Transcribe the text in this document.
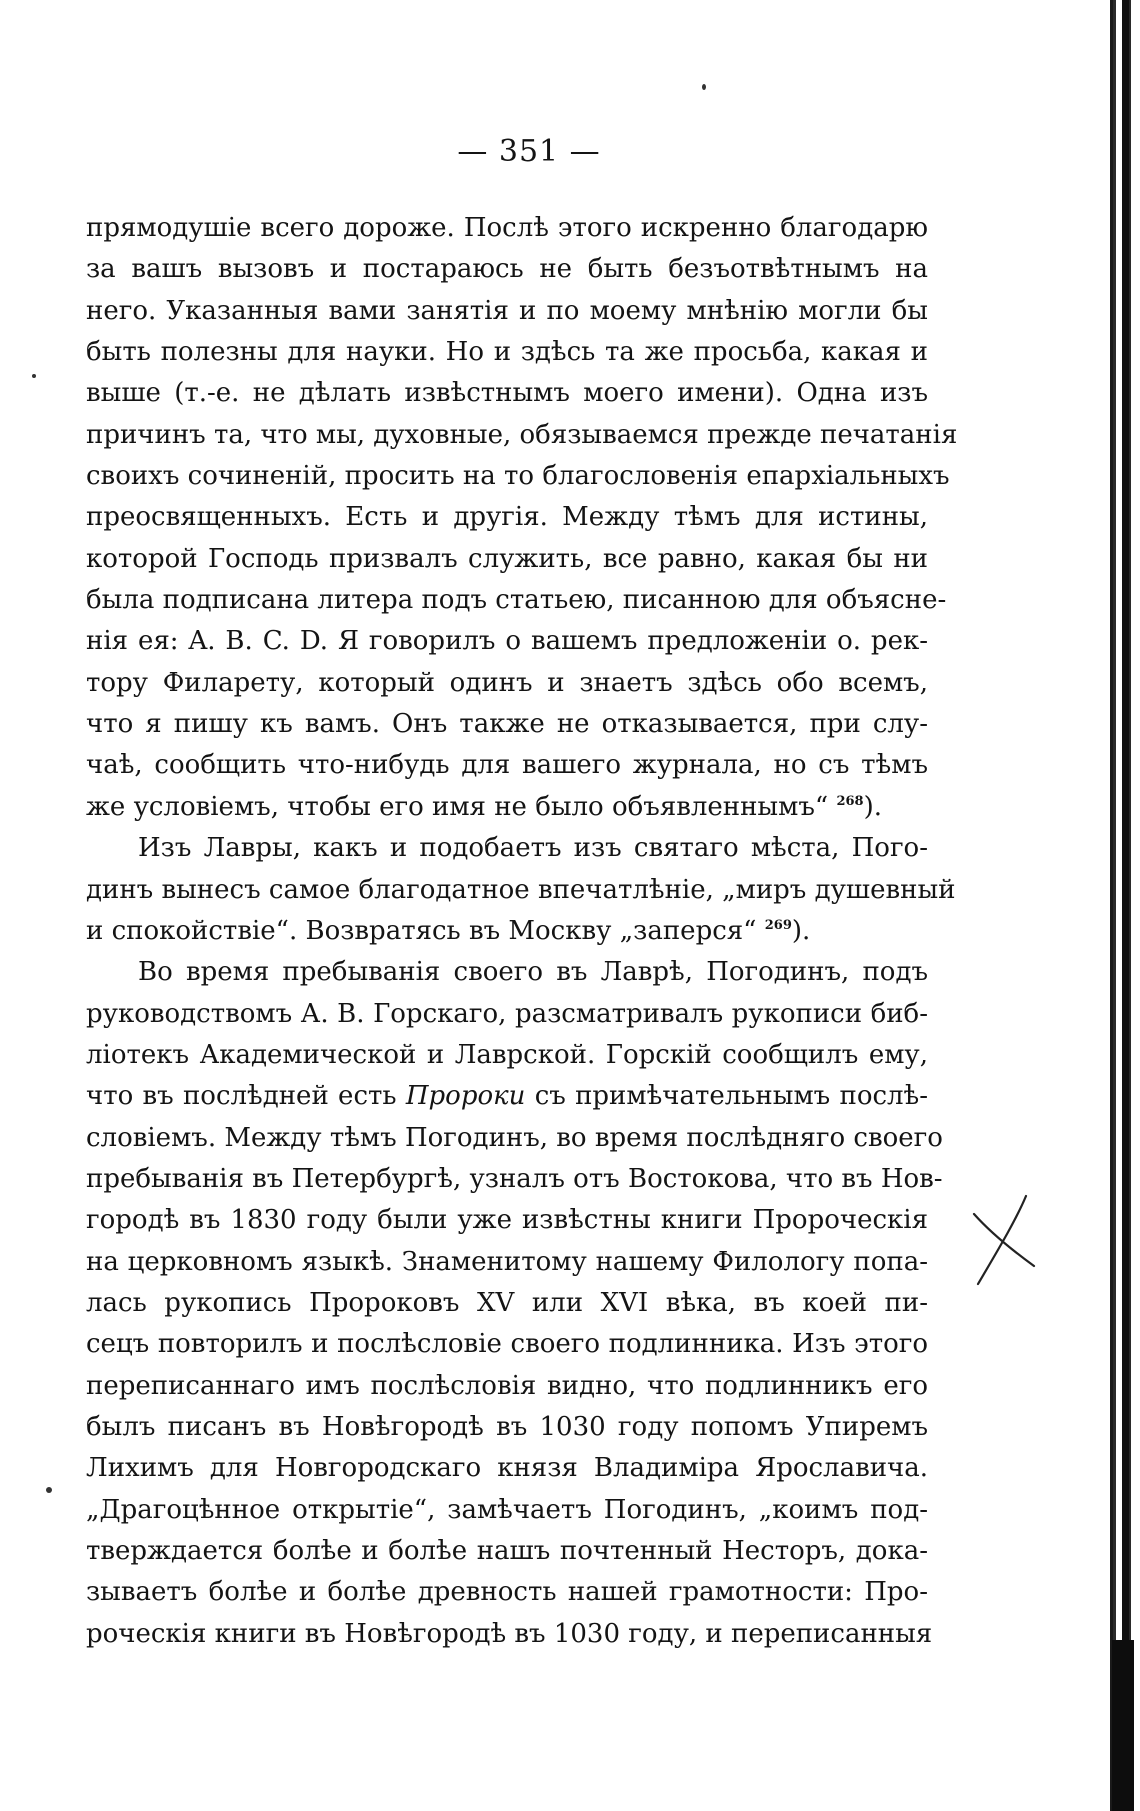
— 351 —
прямодушіе всего дороже. Послѣ этого искренно благодарю
за вашъ вызовъ и постараюсь не быть безъотвѣтнымъ на
него. Указанныя вами занятія и по моему мнѣнію могли бы
быть полезны для науки. Но и здѣсь та же просьба, какая и
выше (т.-е. не дѣлать извѣстнымъ моего имени). Одна изъ
причинъ та, что мы, духовные, обязываемся прежде печатанія
своихъ сочиненій, просить на то благословенія епархіальныхъ
преосвященныхъ. Есть и другія. Между тѣмъ для истины,
которой Господь призвалъ служить, все равно, какая бы ни
была подписана литера подъ статьею, писанною для объясне-
нія ея: A. B. C. D. Я говорилъ о вашемъ предложеніи о. рек-
тору Филарету, который одинъ и знаетъ здѣсь обо всемъ,
что я пишу къ вамъ. Онъ также не отказывается, при слу-
чаѣ, сообщить что-нибудь для вашего журнала, но съ тѣмъ
же условіемъ, чтобы его имя не было объявленнымъ“ $^{268}$).
Изъ Лавры, какъ и подобаетъ изъ святаго мѣста, Пого-
динъ вынесъ самое благодатное впечатлѣніе, „миръ душевный
и спокойствіе“. Возвратясь въ Москву „заперся“ $^{269}$).
Во время пребыванія своего въ Лаврѣ, Погодинъ, подъ
руководствомъ А. В. Горскаго, разсматривалъ рукописи биб-
ліотекъ Академической и Лаврской. Горскій сообщилъ ему,
что въ послѣдней есть Пророки съ примѣчательнымъ послѣ-
словіемъ. Между тѣмъ Погодинъ, во время послѣдняго своего
пребыванія въ Петербургѣ, узналъ отъ Востокова, что въ Нов-
городѣ въ 1830 году были уже извѣстны книги Пророческія
на церковномъ языкѣ. Знаменитому нашему Филологу попа-
лась рукопись Пророковъ XV или XVI вѣка, въ коей пи-
сецъ повторилъ и послѣсловіе своего подлинника. Изъ этого
переписаннаго имъ послѣсловія видно, что подлинникъ его
былъ писанъ въ Новѣгородѣ въ 1030 году попомъ Упиремъ
Лихимъ для Новгородскаго князя Владиміра Ярославича.
„Драгоцѣнное открытіе“, замѣчаетъ Погодинъ, „коимъ под-
тверждается болѣе и болѣе нашъ почтенный Несторъ, дока-
зываетъ болѣе и болѣе древность нашей грамотности: Про-
роческія книги въ Новѣгородѣ въ 1030 году, и переписанныя
